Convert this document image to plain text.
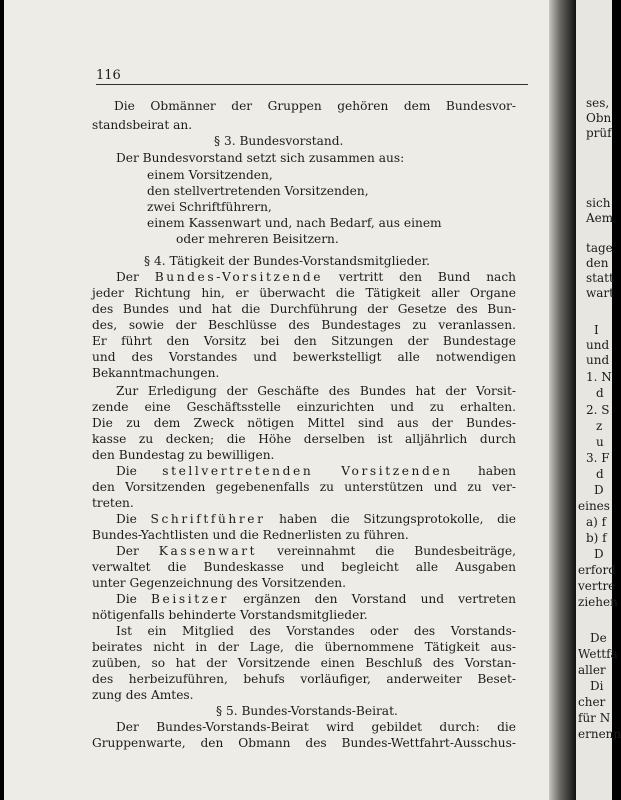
116
Die Obmänner der Gruppen gehören dem Bundesvor-
standsbeirat an.
§ 3. Bundesvorstand.
Der Bundesvorstand setzt sich zusammen aus:
einem Vorsitzenden,
den stellvertretenden Vorsitzenden,
zwei Schriftführern,
einem Kassenwart und, nach Bedarf, aus einem
oder mehreren Beisitzern.
§ 4. Tätigkeit der Bundes-Vorstandsmitglieder.
Der Bundes-Vorsitzende vertritt den Bund nach
jeder Richtung hin, er überwacht die Tätigkeit aller Organe
des Bundes und hat die Durchführung der Gesetze des Bun-
des, sowie der Beschlüsse des Bundestages zu veranlassen.
Er führt den Vorsitz bei den Sitzungen der Bundestage
und des Vorstandes und bewerkstelligt alle notwendigen
Bekanntmachungen.
Zur Erledigung der Geschäfte des Bundes hat der Vorsit-
zende eine Geschäftsstelle einzurichten und zu erhalten.
Die zu dem Zweck nötigen Mittel sind aus der Bundes-
kasse zu decken; die Höhe derselben ist alljährlich durch
den Bundestag zu bewilligen.
Die stellvertretenden Vorsitzenden haben
den Vorsitzenden gegebenenfalls zu unterstützen und zu ver-
treten.
Die Schriftführer haben die Sitzungsprotokolle, die
Bundes-Yachtlisten und die Rednerlisten zu führen.
Der Kassenwart vereinnahmt die Bundesbeiträge,
verwaltet die Bundeskasse und begleicht alle Ausgaben
unter Gegenzeichnung des Vorsitzenden.
Die Beisitzer ergänzen den Vorstand und vertreten
nötigenfalls behinderte Vorstandsmitglieder.
Ist ein Mitglied des Vorstandes oder des Vorstands-
beirates nicht in der Lage, die übernommene Tätigkeit aus-
zuüben, so hat der Vorsitzende einen Beschluß des Vorstan-
des herbeizuführen, behufs vorläufiger, anderweiter Beset-
zung des Amtes.
§ 5. Bundes-Vorstands-Beirat.
Der Bundes-Vorstands-Beirat wird gebildet durch: die
Gruppenwarte, den Obmann des Bundes-Wettfahrt-Ausschus-
ses,
Obn
prüf
sich
Aem
tage
den
statt
wart
I
und
und
1. N
d
2. S
z
u
3. F
d
D
eines
a) f
b) f
D
erford
vertre
ziehen
De
Wettfa
aller
Di
cher
für N
ernenn
